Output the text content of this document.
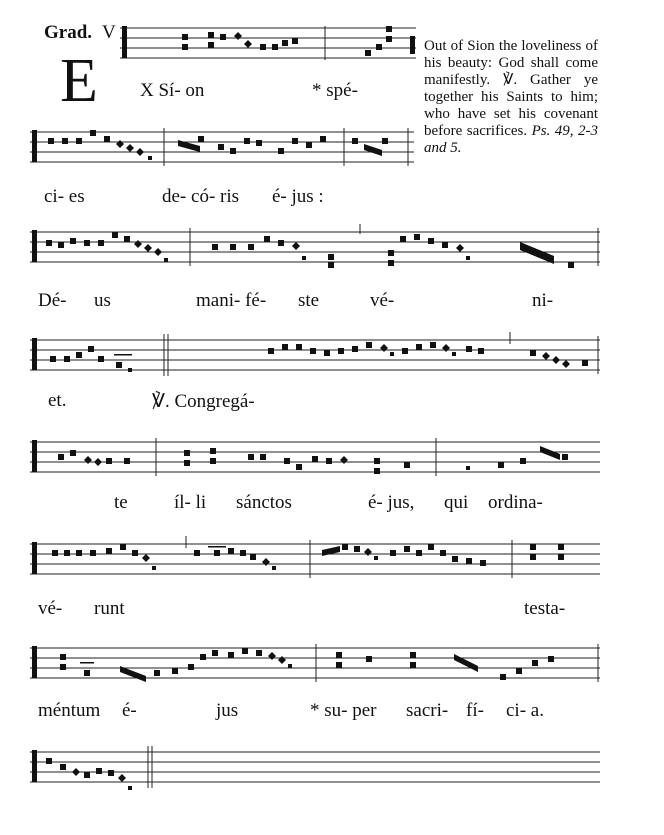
Grad. V
E
Out of Sion the loveliness of his beauty: God shall come manifestly. ℣. Gather ye together his Saints to him; who have set his covenant before sacrifices. Ps. 49, 2-3 and 5.
X Sí- on	* spé-
ci- es	de- có- ris é- jus :
Dé- us	mani- fé- ste	vé-	ni-
et.	℣. Congregá-
te íl- li sánctos	é- jus, qui ordina-
vé- runt	testa-
méntum é-	jus	* su- per sacri- fí- ci- a.
